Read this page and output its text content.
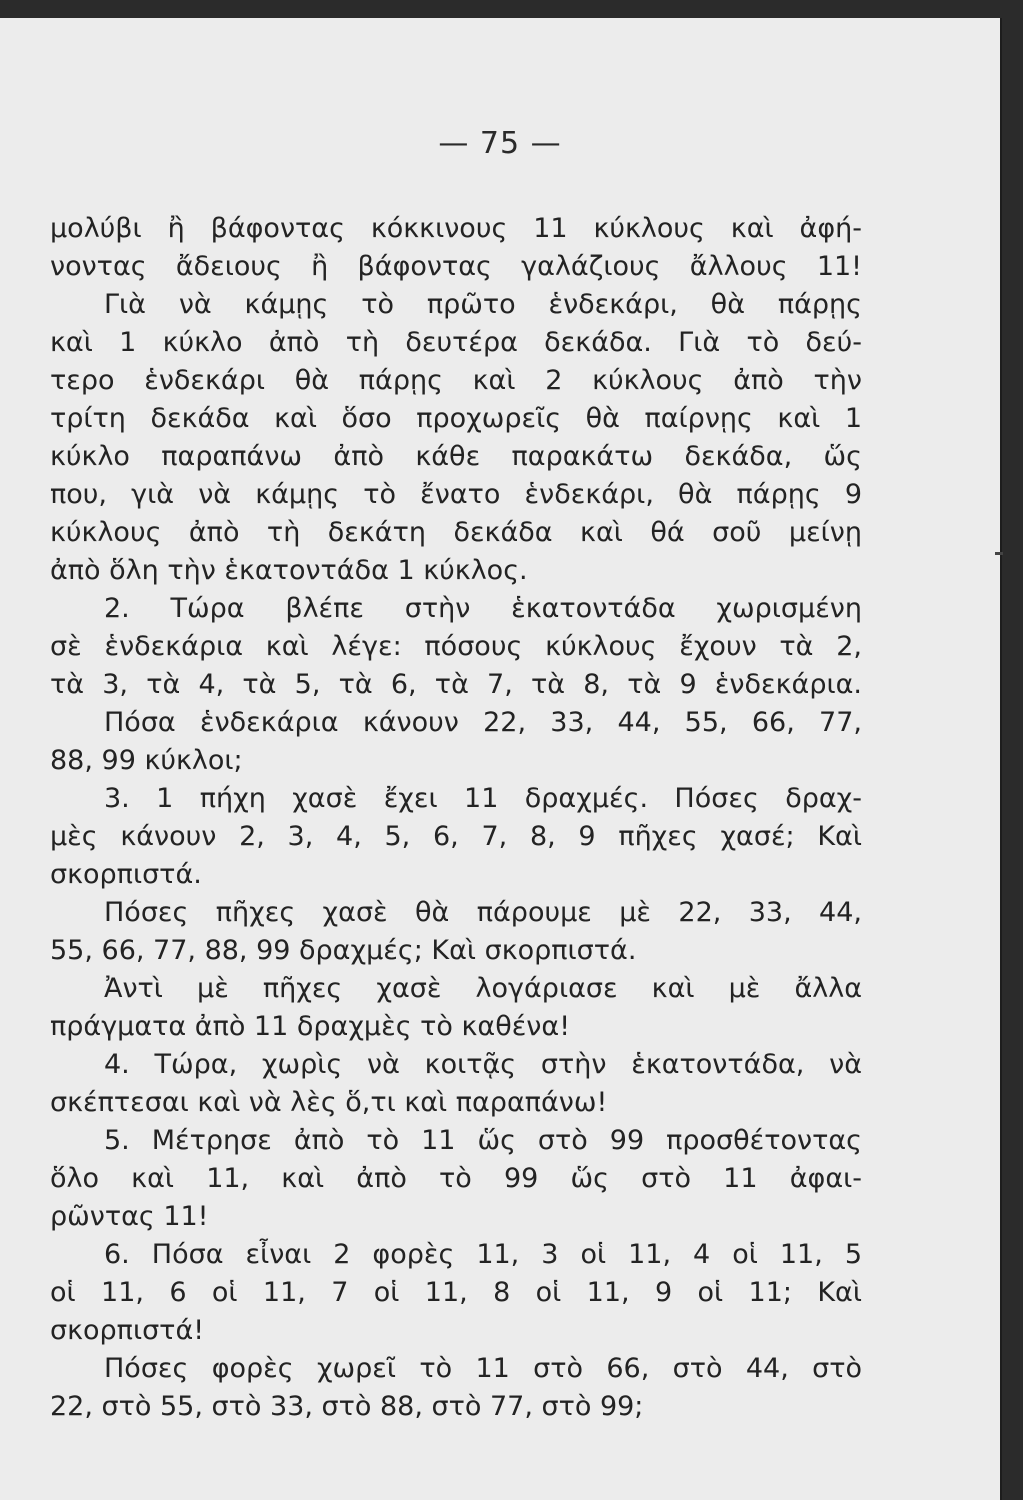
— 75 —
μολύβι ἢ βάφοντας κόκκινους 11 κύκλους καὶ ἀφή-
νοντας ἄδειους ἢ βάφοντας γαλάζιους ἄλλους 11!
Γιὰ νὰ κάμῃς τὸ πρῶτο ἑνδεκάρι, θὰ πάρῃς
καὶ 1 κύκλο ἀπὸ τὴ δευτέρα δεκάδα. Γιὰ τὸ δεύ-
τερο ἑνδεκάρι θὰ πάρῃς καὶ 2 κύκλους ἀπὸ τὴν
τρίτη δεκάδα καὶ ὅσο προχωρεῖς θὰ παίρνῃς καὶ 1
κύκλο παραπάνω ἀπὸ κάθε παρακάτω δεκάδα, ὥς
που, γιὰ νὰ κάμῃς τὸ ἔνατο ἑνδεκάρι, θὰ πάρῃς 9
κύκλους ἀπὸ τὴ δεκάτη δεκάδα καὶ θά σοῦ μείνῃ
ἀπὸ ὅλη τὴν ἑκατοντάδα 1 κύκλος.
2. Τώρα βλέπε στὴν ἑκατοντάδα χωρισμένη
σὲ ἑνδεκάρια καὶ λέγε: πόσους κύκλους ἔχουν τὰ 2,
τὰ 3, τὰ 4, τὰ 5, τὰ 6, τὰ 7, τὰ 8, τὰ 9 ἑνδεκάρια.
Πόσα ἑνδεκάρια κάνουν 22, 33, 44, 55, 66, 77,
88, 99 κύκλοι;
3. 1 πήχη χασὲ ἔχει 11 δραχμές. Πόσες δραχ-
μὲς κάνουν 2, 3, 4, 5, 6, 7, 8, 9 πῆχες χασέ; Καὶ
σκορπιστά.
Πόσες πῆχες χασὲ θὰ πάρουμε μὲ 22, 33, 44,
55, 66, 77, 88, 99 δραχμές; Καὶ σκορπιστά.
Ἀντὶ μὲ πῆχες χασὲ λογάριασε καὶ μὲ ἄλλα
πράγματα ἀπὸ 11 δραχμὲς τὸ καθένα!
4. Τώρα, χωρὶς νὰ κοιτᾷς στὴν ἑκατοντάδα, νὰ
σκέπτεσαι καὶ νὰ λὲς ὅ,τι καὶ παραπάνω!
5. Μέτρησε ἀπὸ τὸ 11 ὥς στὸ 99 προσθέτοντας
ὅλο καὶ 11, καὶ ἀπὸ τὸ 99 ὥς στὸ 11 ἀφαι-
ρῶντας 11!
6. Πόσα εἶναι 2 φορὲς 11, 3 οἱ 11, 4 οἱ 11, 5
οἱ 11, 6 οἱ 11, 7 οἱ 11, 8 οἱ 11, 9 οἱ 11; Καὶ
σκορπιστά!
Πόσες φορὲς χωρεῖ τὸ 11 στὸ 66, στὸ 44, στὸ
22, στὸ 55, στὸ 33, στὸ 88, στὸ 77, στὸ 99;
